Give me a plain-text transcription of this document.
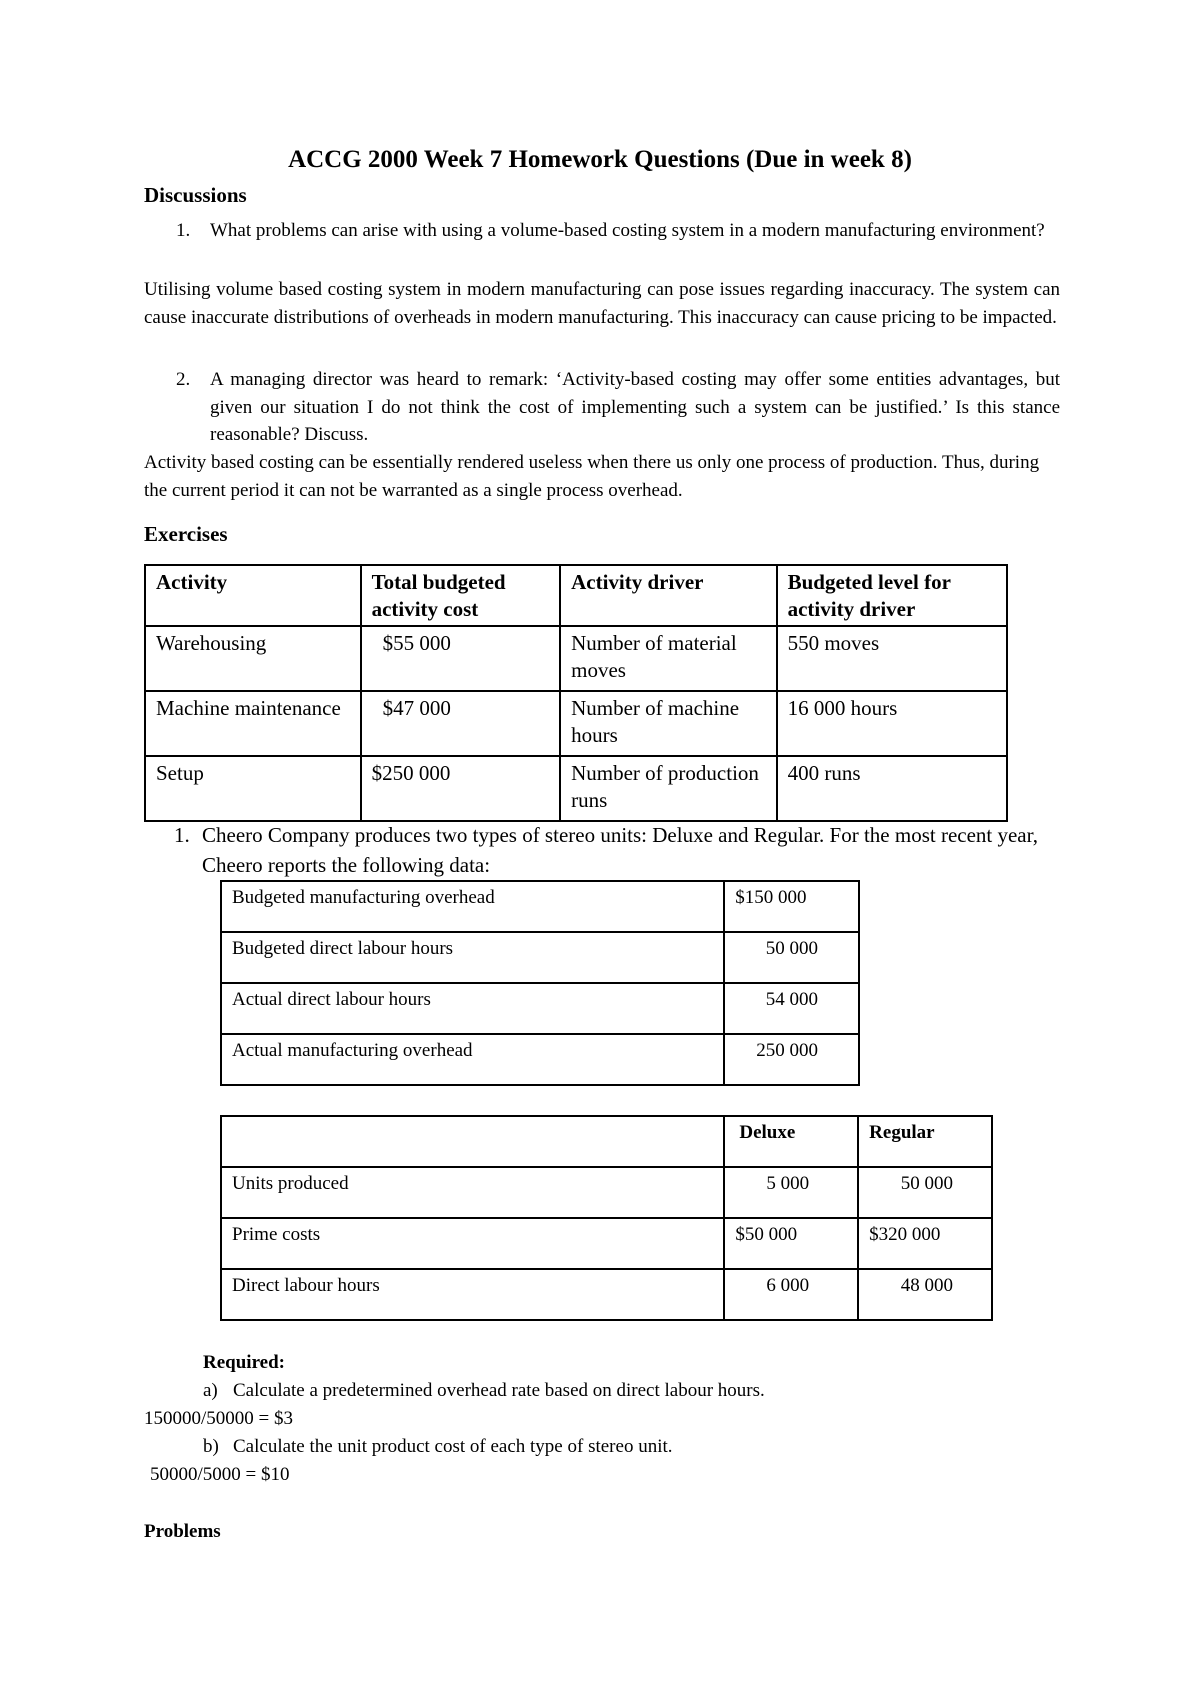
ACCG 2000 Week 7 Homework Questions (Due in week 8)
Discussions
1. What problems can arise with using a volume-based costing system in a modern manufacturing environment?
Utilising volume based costing system in modern manufacturing can pose issues regarding inaccuracy. The system can cause inaccurate distributions of overheads in modern manufacturing. This inaccuracy can cause pricing to be impacted.
2. A managing director was heard to remark: ‘Activity-based costing may offer some entities advantages, but given our situation I do not think the cost of implementing such a system can be justified.’ Is this stance reasonable? Discuss.
Activity based costing can be essentially rendered useless when there us only one process of production. Thus, during the current period it can not be warranted as a single process overhead.
Exercises
Activity	Total budgeted activity cost	Activity driver	Budgeted level for activity driver
Warehousing	$55 000	Number of material moves	550 moves
Machine maintenance	$47 000	Number of machine hours	16 000 hours
Setup	$250 000	Number of production runs	400 runs
1. Cheero Company produces two types of stereo units: Deluxe and Regular. For the most recent year, Cheero reports the following data:
Budgeted manufacturing overhead	$150 000
Budgeted direct labour hours	50 000
Actual direct labour hours	54 000
Actual manufacturing overhead	250 000
	Deluxe	Regular
Units produced	5 000	50 000
Prime costs	$50 000	$320 000
Direct labour hours	6 000	48 000
Required:
a) Calculate a predetermined overhead rate based on direct labour hours.
150000/50000 = $3
b) Calculate the unit product cost of each type of stereo unit.
50000/5000 = $10
Problems
